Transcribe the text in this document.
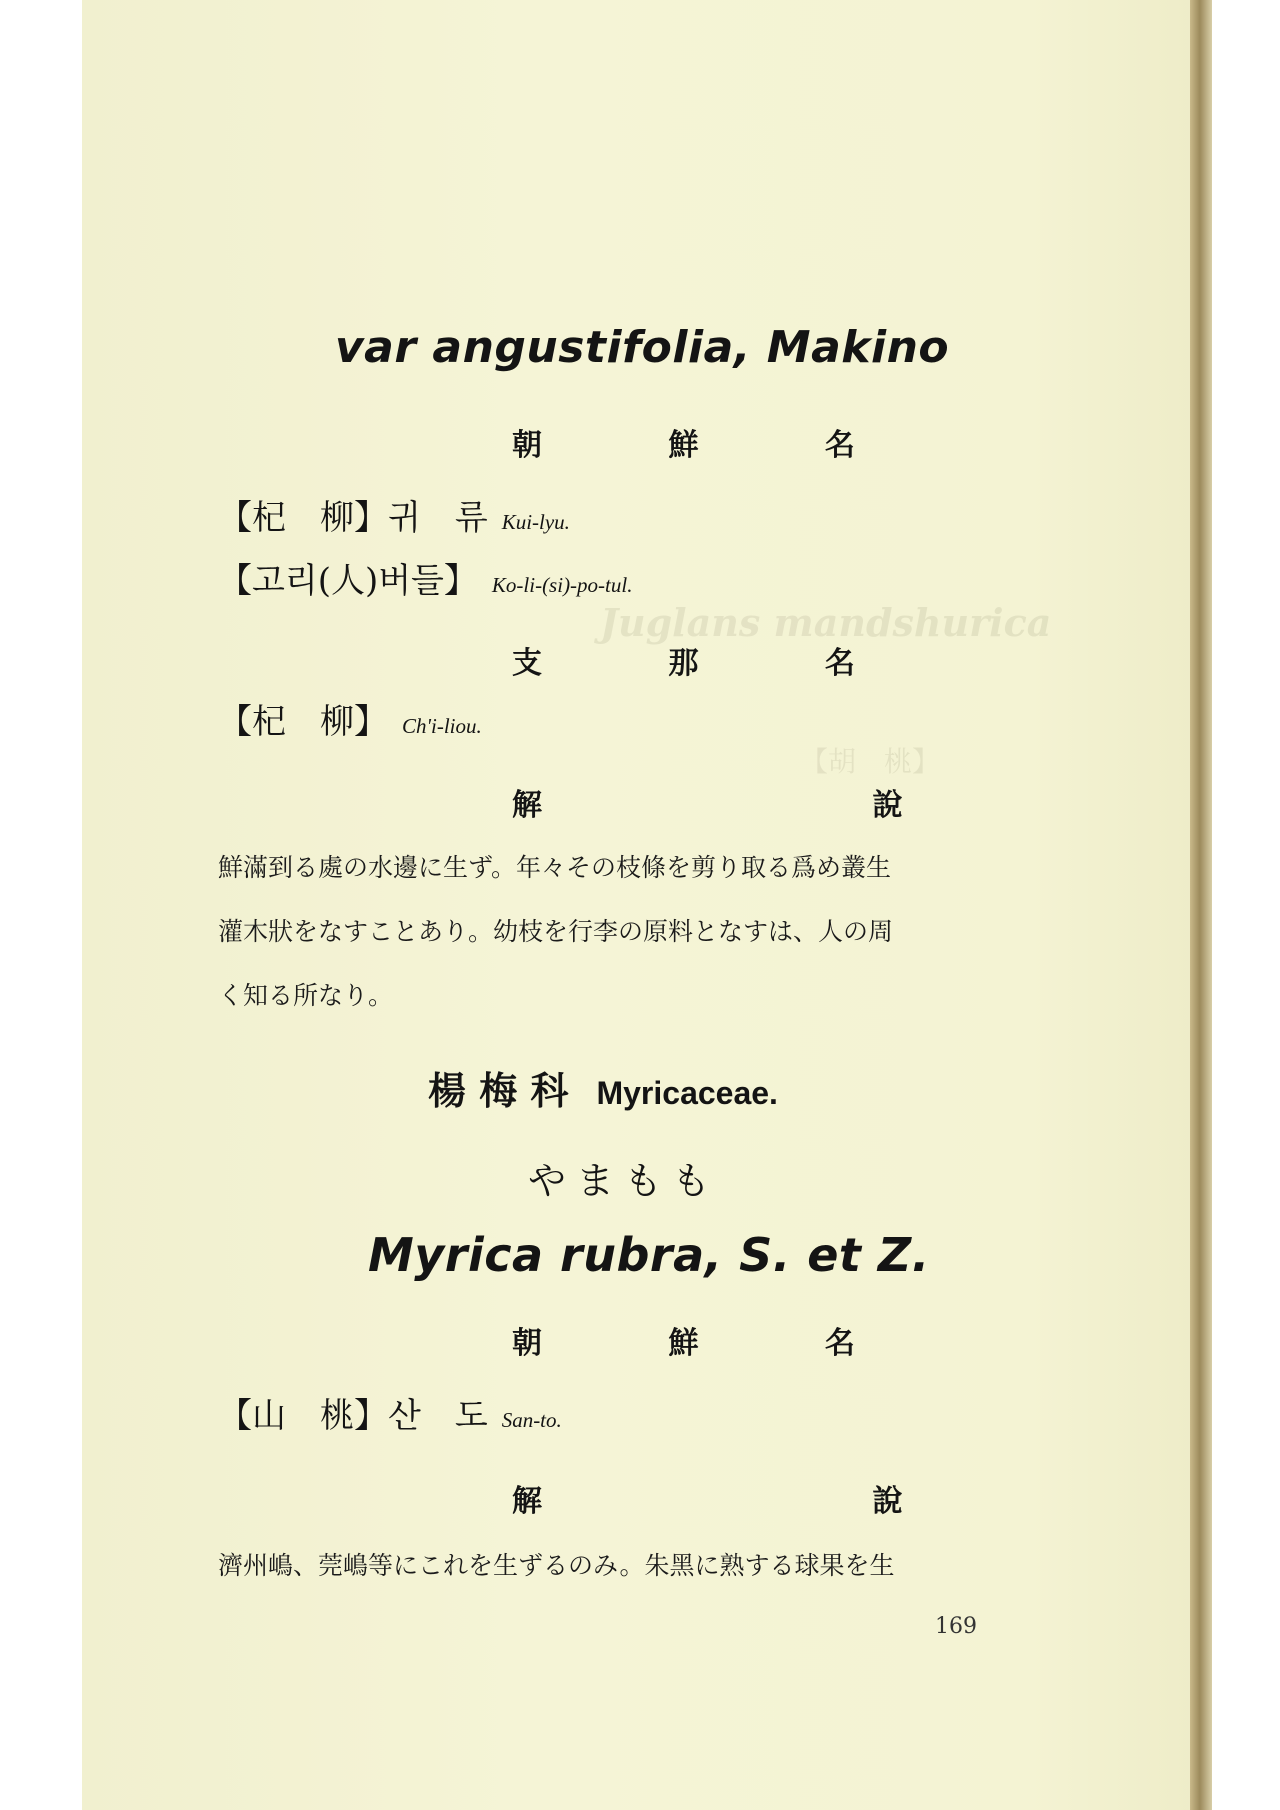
Juglans mandshurica
【胡　桃】
var angustifolia, Makino
朝 鮮 名
【杞　柳】귀　류 Kui-lyu.
【고리(人)버들】 Ko-li-(si)-po-tul.
支 那 名
【杞　柳】 Ch'i-liou.
解 說
鮮滿到る處の水邊に生ず。年々その枝條を剪り取る爲め叢生
灌木狀をなすことあり。幼枝を行李の原料となすは、人の周
く知る所なり。
楊 梅 科 Myricaceae.
やまもも
Myrica rubra, S. et Z.
朝 鮮 名
【山　桃】산　도 San-to.
解 說
濟州嶋、莞嶋等にこれを生ずるのみ。朱黑に熟する球果を生
169
